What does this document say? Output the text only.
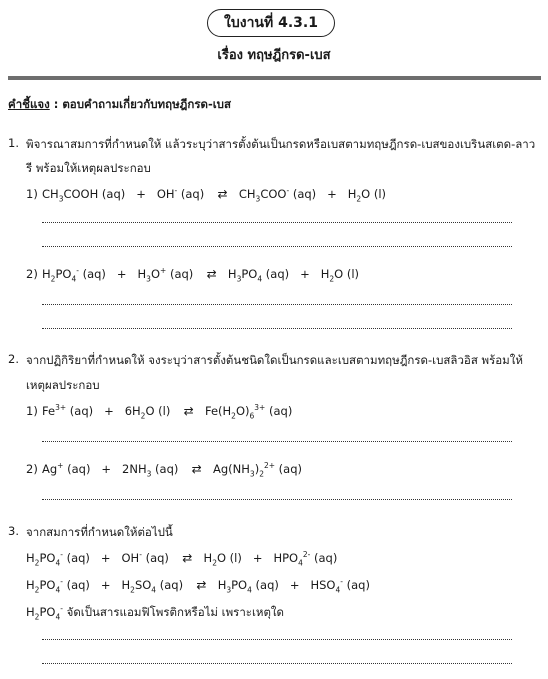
ใบงานที่ 4.3.1
เรื่อง ทฤษฎีกรด-เบส
คำชี้แจง : ตอบคำถามเกี่ยวกับทฤษฎีกรด-เบส
1. พิจารณาสมการที่กำหนดให้ แล้วระบุว่าสารตั้งต้นเป็นกรดหรือเบสตามทฤษฎีกรด-เบสของเบรินสเตด-ลาว
รี พร้อมให้เหตุผลประกอบ
1) $CH_3COOH$ (aq) + OH- (aq) ⇄ $CH_3COO^-$ $(aq) + H_2O$ (l)
2) $H_2PO_4^-$ $(aq) + H_3O^+$ (aq) ⇄ $H_3PO_4$ $(aq) + H_2O$ (l)
2. จากปฏิกิริยาที่กำหนดให้ จงระบุว่าสารตั้งต้นชนิดใดเป็นกรดและเบสตามทฤษฎีกรด-เบสลิวอิส พร้อมให้
เหตุผลประกอบ
1) $Fe^{3+}$ $(aq) + 6H_2O$ (l) ⇄ $Fe(H_2O)_6^{3+}$ (aq)
2) Ag+ $(aq) + 2NH_3$ (aq) ⇄ $Ag(NH_3)_2^{2+}$ (aq)
3. จากสมการที่กำหนดให้ต่อไปนี้
$H_2PO_4^-$ (aq) + OH- (aq) ⇄ $H_2O$ $(l) + HPO_4^{2-}$ (aq)
$H_2PO_4^-$ $(aq) + H_2SO_4$ (aq) ⇄ $H_3PO_4$ $(aq) + HSO_4^-$ (aq)
$H_2PO_4^-$ จัดเป็นสารแอมฟิโพรติกหรือไม่ เพราะเหตุใด
